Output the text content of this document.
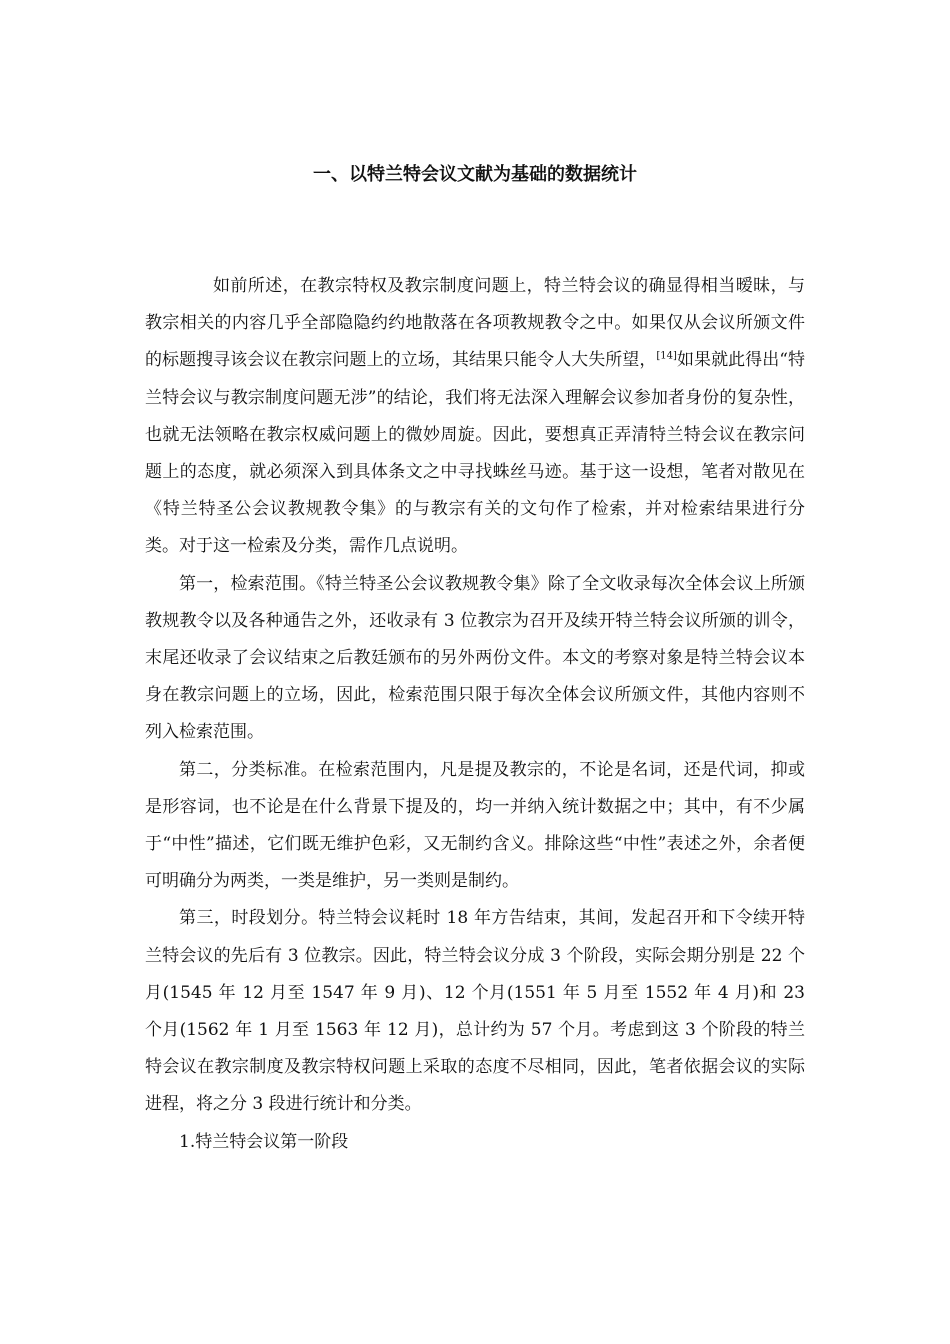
一、以特兰特会议文献为基础的数据统计

如前所述，在教宗特权及教宗制度问题上，特兰特会议的确显得相当暧昧，与教宗相关的内容几乎全部隐隐约约地散落在各项教规教令之中。如果仅从会议所颁文件的标题搜寻该会议在教宗问题上的立场，其结果只能令人大失所望，[14]如果就此得出“特兰特会议与教宗制度问题无涉”的结论，我们将无法深入理解会议参加者身份的复杂性，也就无法领略在教宗权威问题上的微妙周旋。因此，要想真正弄清特兰特会议在教宗问题上的态度，就必须深入到具体条文之中寻找蛛丝马迹。基于这一设想，笔者对散见在《特兰特圣公会议教规教令集》的与教宗有关的文句作了检索，并对检索结果进行分类。对于这一检索及分类，需作几点说明。

第一，检索范围。《特兰特圣公会议教规教令集》除了全文收录每次全体会议上所颁教规教令以及各种通告之外，还收录有 3 位教宗为召开及续开特兰特会议所颁的训令，末尾还收录了会议结束之后教廷颁布的另外两份文件。本文的考察对象是特兰特会议本身在教宗问题上的立场，因此，检索范围只限于每次全体会议所颁文件，其他内容则不列入检索范围。

第二，分类标准。在检索范围内，凡是提及教宗的，不论是名词，还是代词，抑或是形容词，也不论是在什么背景下提及的，均一并纳入统计数据之中；其中，有不少属于“中性”描述，它们既无维护色彩，又无制约含义。排除这些“中性”表述之外，余者便可明确分为两类，一类是维护，另一类则是制约。

第三，时段划分。特兰特会议耗时 18 年方告结束，其间，发起召开和下令续开特兰特会议的先后有 3 位教宗。因此，特兰特会议分成 3 个阶段，实际会期分别是 22 个月(1545 年 12 月至 1547 年 9 月)、12 个月(1551 年 5 月至 1552 年 4 月)和 23 个月(1562 年 1 月至 1563 年 12 月)，总计约为 57 个月。考虑到这 3 个阶段的特兰特会议在教宗制度及教宗特权问题上采取的态度不尽相同，因此，笔者依据会议的实际进程，将之分 3 段进行统计和分类。

1.特兰特会议第一阶段
